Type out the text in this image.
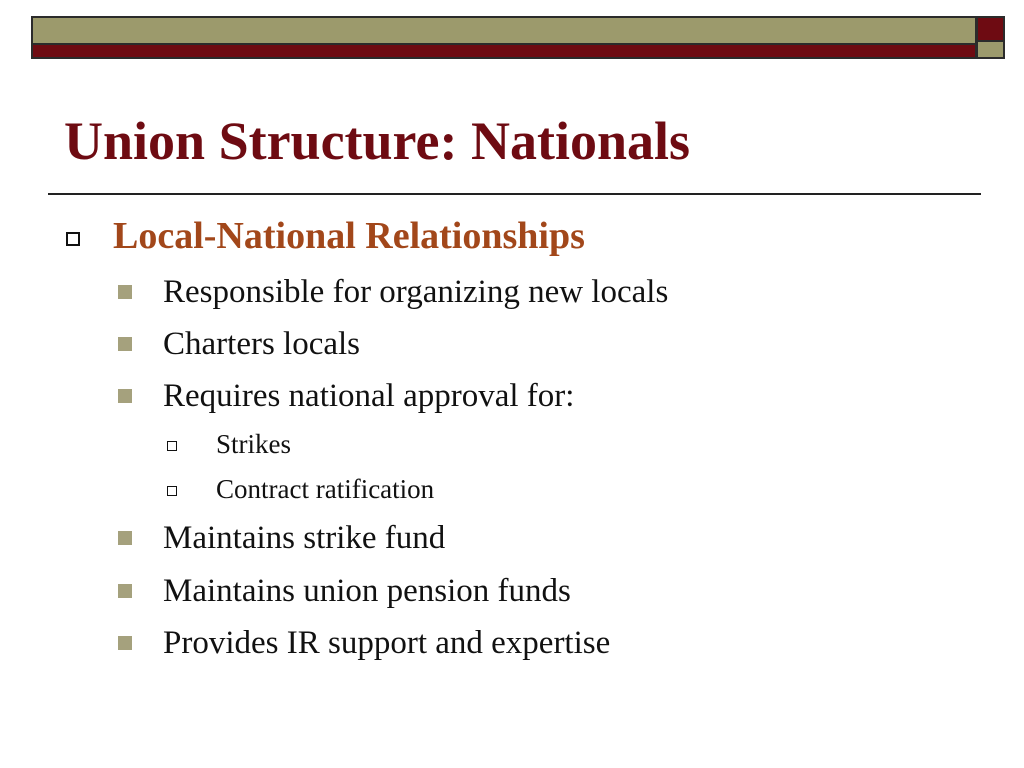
Union Structure: Nationals
Local-National Relationships
Responsible for organizing new locals
Charters locals
Requires national approval for:
Strikes
Contract ratification
Maintains strike fund
Maintains union pension funds
Provides IR support and expertise
